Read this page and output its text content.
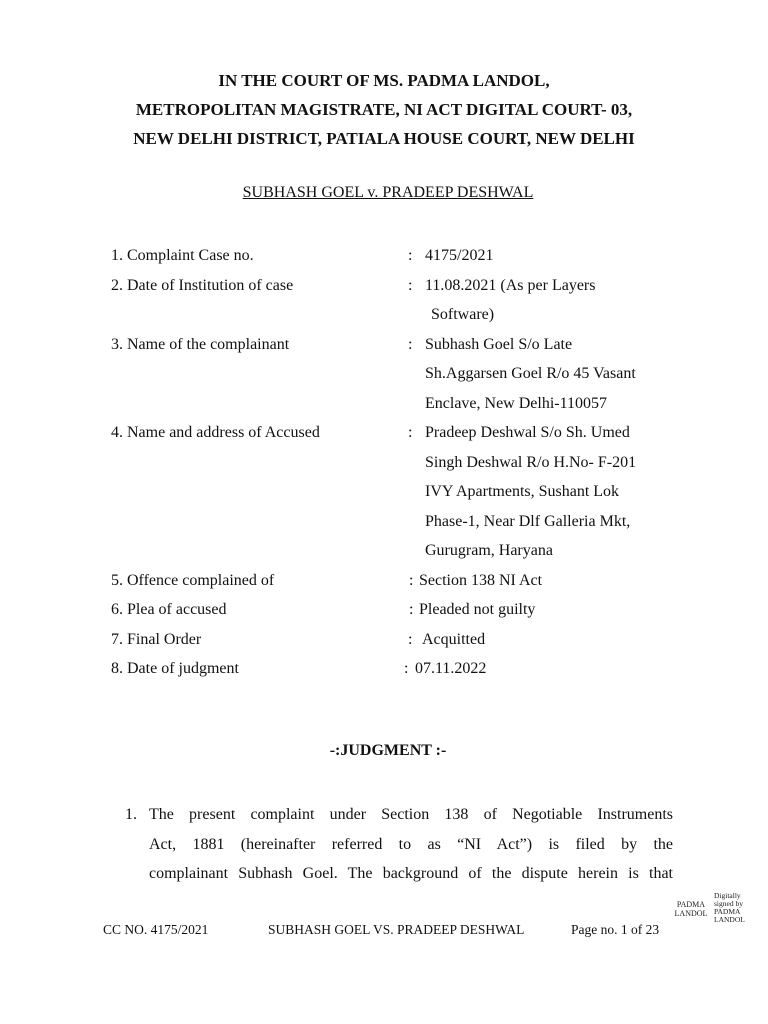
IN THE COURT OF MS. PADMA LANDOL,
METROPOLITAN MAGISTRATE, NI ACT DIGITAL COURT- 03,
NEW DELHI DISTRICT, PATIALA HOUSE COURT, NEW DELHI
SUBHASH GOEL v. PRADEEP DESHWAL
1. Complaint Case no.	: 4175/2021
2. Date of Institution of case	: 11.08.2021 (As per Layers
Software)
3. Name of the complainant	: Subhash Goel S/o Late
Sh.Aggarsen Goel R/o 45 Vasant
Enclave, New Delhi-110057
4. Name and address of Accused	: Pradeep Deshwal S/o Sh. Umed
Singh Deshwal R/o H.No- F-201
IVY Apartments, Sushant Lok
Phase-1, Near Dlf Galleria Mkt,
Gurugram, Haryana
5. Offence complained of	: Section 138 NI Act
6. Plea of accused	: Pleaded not guilty
7. Final Order	: Acquitted
8. Date of judgment	: 07.11.2022
-:JUDGMENT :-
1. The present complaint under Section 138 of Negotiable Instruments
Act, 1881 (hereinafter referred to as “NI Act”) is filed by the
complainant Subhash Goel. The background of the dispute herein is that
PADMA
LANDOL
Digitally
signed by
PADMA
LANDOL
CC NO. 4175/2021	SUBHASH GOEL VS. PRADEEP DESHWAL	Page no. 1 of 23
